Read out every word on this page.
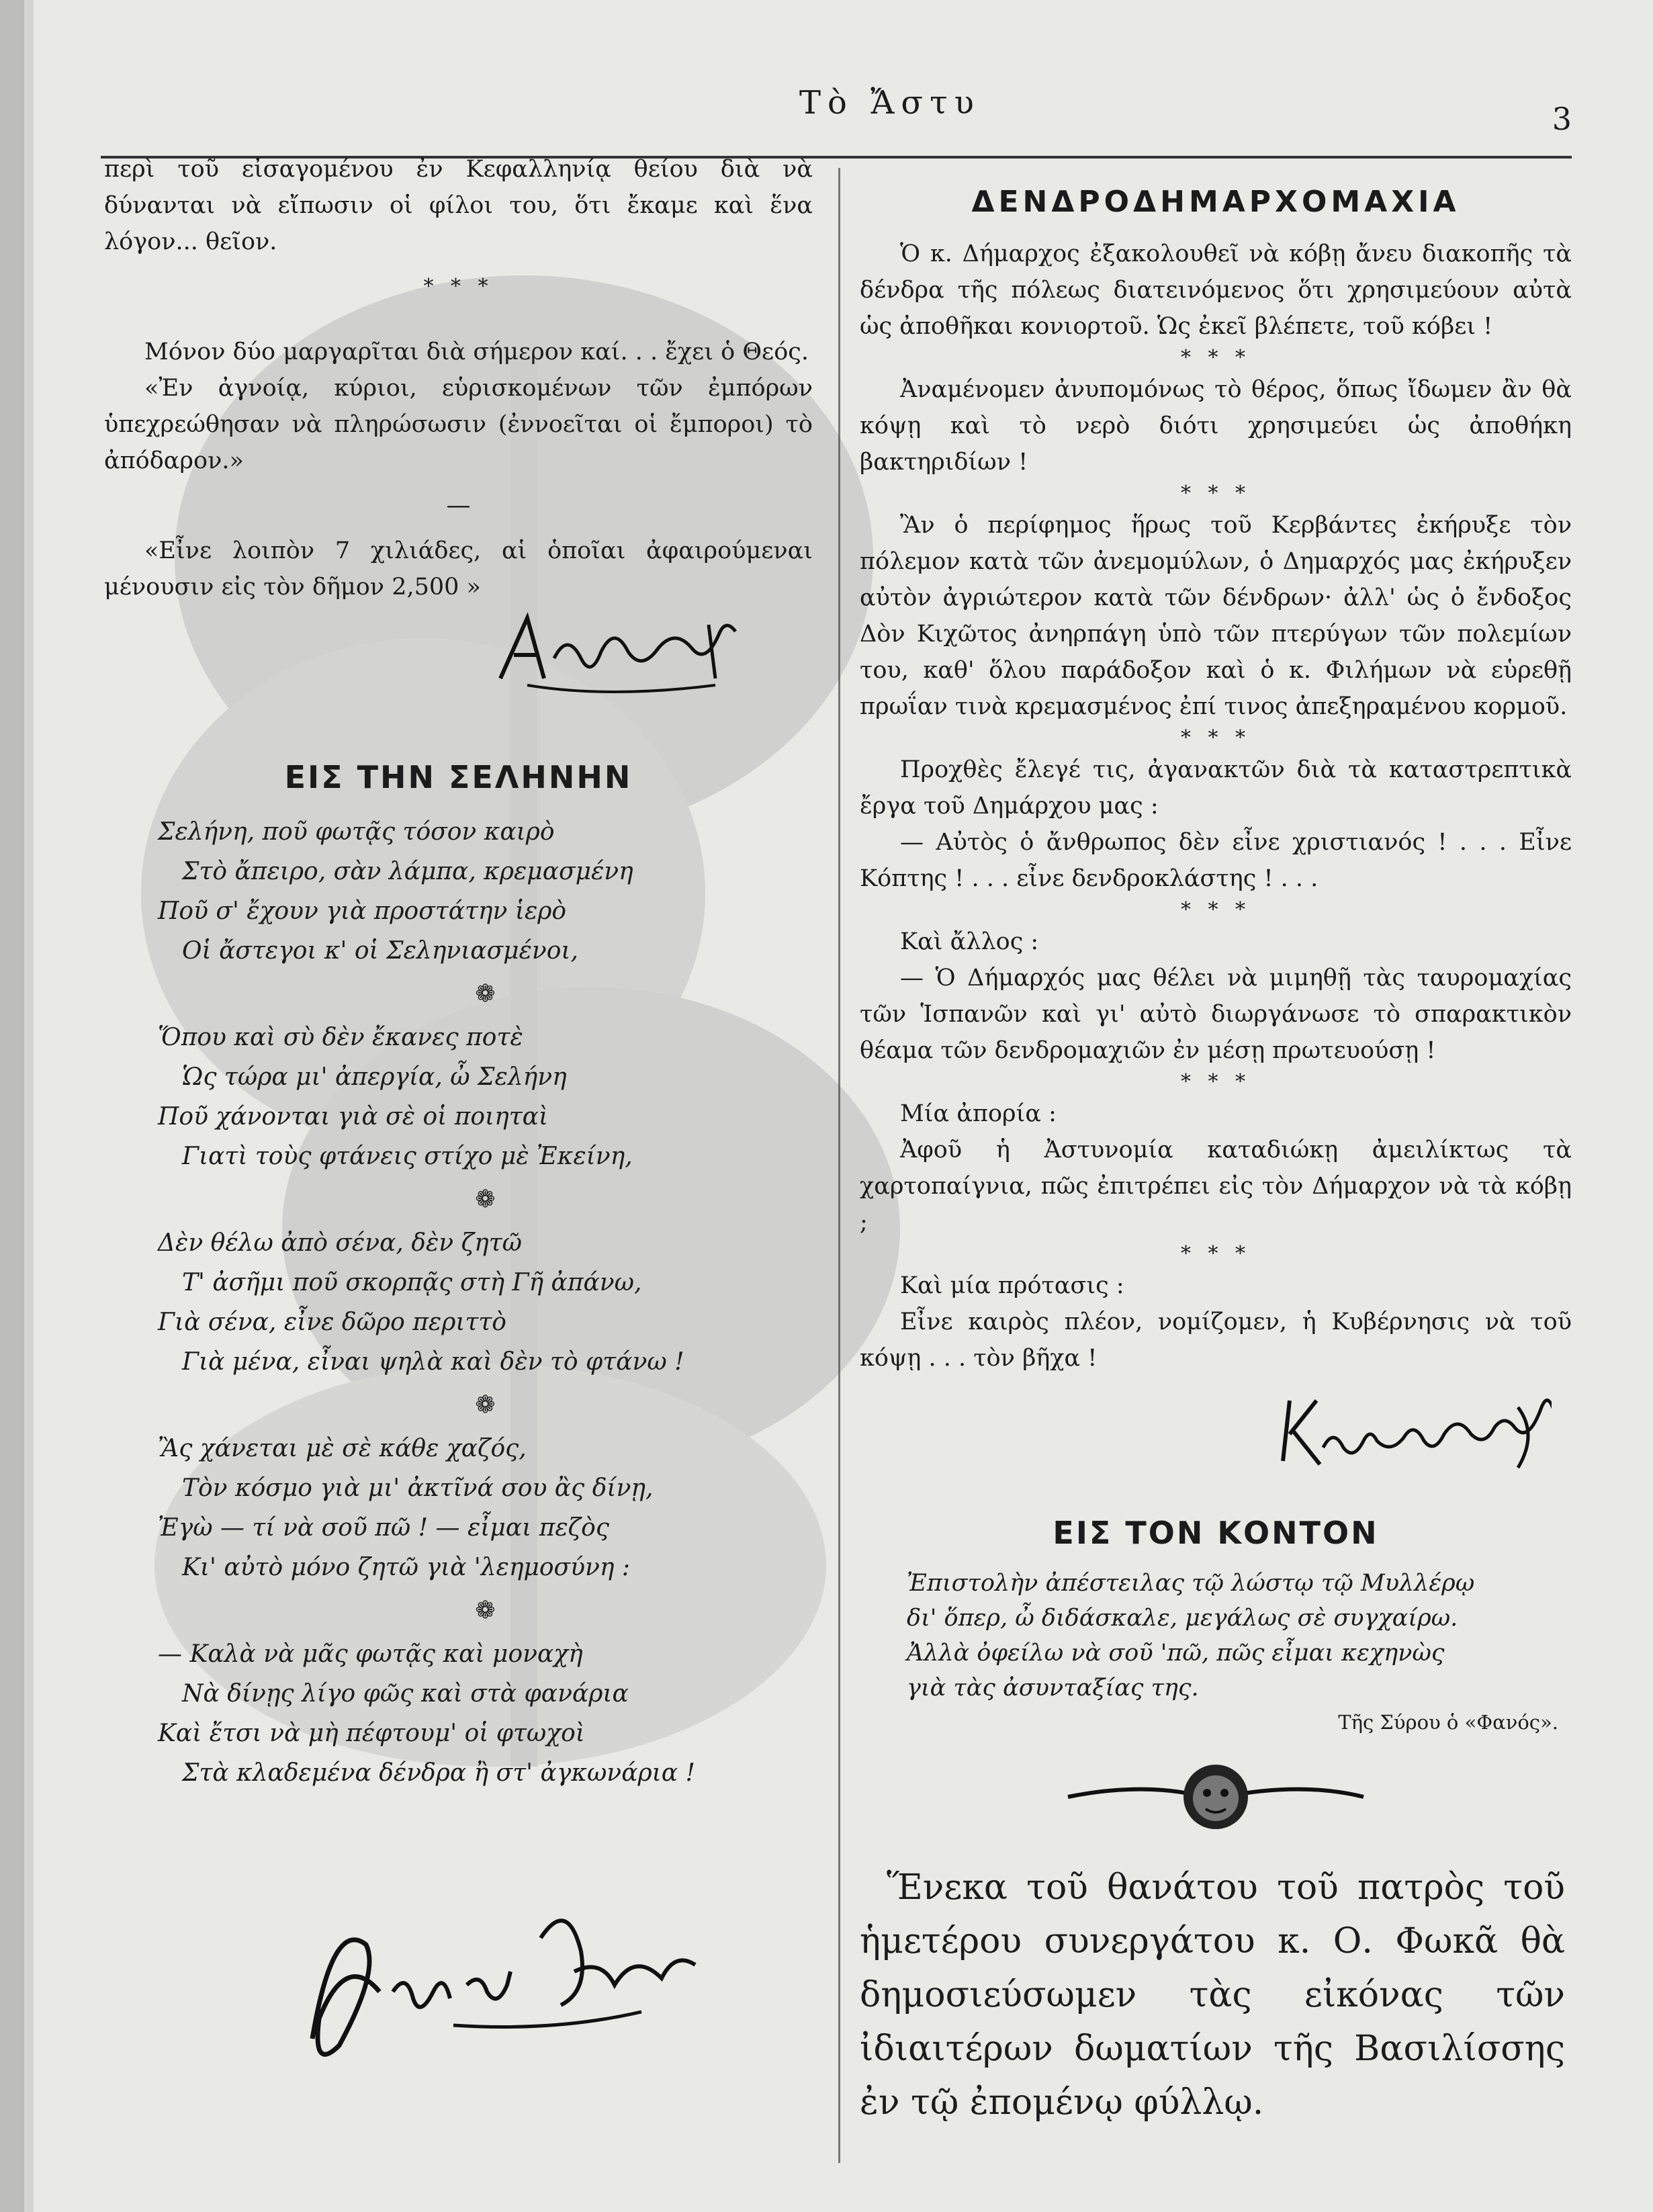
Τὸ Ἄστυ	3

περὶ τοῦ εἰσαγομένου ἐν Κεφαλληνίᾳ θείου διὰ νὰ δύνανται νὰ εἴπωσιν οἱ φίλοι του, ὅτι ἔκαμε καὶ ἕνα λόγον... θεῖον.

* * *

Μόνον δύο μαργαρῖται διὰ σήμερον καί. . . ἔχει ὁ Θεός.

«Ἐν ἀγνοίᾳ, κύριοι, εὑρισκομένων τῶν ἐμπόρων ὑπεχρεώθησαν νὰ πληρώσωσιν (ἐννοεῖται οἱ ἔμποροι) τὸ ἀπόδαρον.»

—

«Εἶνε λοιπὸν 7 χιλιάδες, αἱ ὁποῖαι ἀφαιρούμεναι μένουσιν εἰς τὸν δῆμον 2,500 »

ΕΙΣ ΤΗΝ ΣΕΛΗΝΗΝ
Σελήνη, ποῦ φωτᾷς τόσον καιρὸ
Στὸ ἄπειρο, σὰν λάμπα, κρεμασμένη
Ποῦ σ' ἔχουν γιὰ προστάτην ἱερὸ
Οἱ ἄστεγοι κ' οἱ Σεληνιασμένοι,
❁
Ὅπου καὶ σὺ δὲν ἔκανες ποτὲ
Ὡς τώρα μι' ἀπεργία, ὦ Σελήνη
Ποῦ χάνονται γιὰ σὲ οἱ ποιηταὶ
Γιατὶ τοὺς φτάνεις στίχο μὲ Ἐκείνη,
❁
Δὲν θέλω ἀπὸ σένα, δὲν ζητῶ
Τ' ἀσῆμι ποῦ σκορπᾷς στὴ Γῆ ἀπάνω,
Γιὰ σένα, εἶνε δῶρο περιττὸ
Γιὰ μένα, εἶναι ψηλὰ καὶ δὲν τὸ φτάνω !
❁
Ἂς χάνεται μὲ σὲ κάθε χαζός,
Τὸν κόσμο γιὰ μι' ἀκτῖνά σου ἂς δίνῃ,
Ἐγὼ — τί νὰ σοῦ πῶ ! — εἶμαι πεζὸς
Κι' αὐτὸ μόνο ζητῶ γιὰ 'λεημοσύνη :
❁
— Καλὰ νὰ μᾶς φωτᾷς καὶ μοναχὴ
Νὰ δίνῃς λίγο φῶς καὶ στὰ φανάρια
Καὶ ἔτσι νὰ μὴ πέφτουμ' οἱ φτωχοὶ
Στὰ κλαδεμένα δένδρα ἢ στ' ἀγκωνάρια !
ΔΕΝΔΡΟΔΗΜΑΡΧΟΜΑΧΙΑ

Ὁ κ. Δήμαρχος ἐξακολουθεῖ νὰ κόβῃ ἄνευ διακοπῆς τὰ δένδρα τῆς πόλεως διατεινόμενος ὅτι χρησιμεύουν αὐτὰ ὡς ἀποθῆκαι κονιορτοῦ. Ὡς ἐκεῖ βλέπετε, τοῦ κόβει !

* * *

Ἀναμένομεν ἀνυπομόνως τὸ θέρος, ὅπως ἴδωμεν ἂν θὰ κόψῃ καὶ τὸ νερὸ διότι χρησιμεύει ὡς ἀποθήκη βακτηριδίων !

* * *

Ἂν ὁ περίφημος ἥρως τοῦ Κερβάντες ἐκήρυξε τὸν πόλεμον κατὰ τῶν ἀνεμομύλων, ὁ Δημαρχός μας ἐκήρυξεν αὐτὸν ἀγριώτερον κατὰ τῶν δένδρων· ἀλλ' ὡς ὁ ἔνδοξος Δὸν Κιχῶτος ἀνηρπάγη ὑπὸ τῶν πτερύγων τῶν πολεμίων του, καθ' ὅλου παράδοξον καὶ ὁ κ. Φιλήμων νὰ εὑρεθῇ πρωΐαν τινὰ κρεμασμένος ἐπί τινος ἀπεξηραμένου κορμοῦ.

* * *

Προχθὲς ἔλεγέ τις, ἀγανακτῶν διὰ τὰ καταστρεπτικὰ ἔργα τοῦ Δημάρχου μας :

— Αὐτὸς ὁ ἄνθρωπος δὲν εἶνε χριστιανός ! . . . Εἶνε Κόπτης ! . . . εἶνε δενδροκλάστης ! . . .

* * *

Καὶ ἄλλος :

— Ὁ Δήμαρχός μας θέλει νὰ μιμηθῇ τὰς ταυρομαχίας τῶν Ἱσπανῶν καὶ γι' αὐτὸ διωργάνωσε τὸ σπαρακτικὸν θέαμα τῶν δενδρομαχιῶν ἐν μέσῃ πρωτευούσῃ !

* * *

Μία ἀπορία :

Ἀφοῦ ἡ Ἀστυνομία καταδιώκῃ ἀμειλίκτως τὰ χαρτοπαίγνια, πῶς ἐπιτρέπει εἰς τὸν Δήμαρχον νὰ τὰ κόβῃ ;

* * *

Καὶ μία πρότασις :

Εἶνε καιρὸς πλέον, νομίζομεν, ἡ Κυβέρνησις νὰ τοῦ κόψῃ . . . τὸν βῆχα !

ΕΙΣ ΤΟΝ ΚΟΝΤΟΝ
Ἐπιστολὴν ἀπέστειλας τῷ λώστῳ τῷ Μυλλέρῳ
δι' ὅπερ, ὦ διδάσκαλε, μεγάλως σὲ συγχαίρω.
Ἀλλὰ ὀφείλω νὰ σοῦ 'πῶ, πῶς εἶμαι κεχηνὼς
γιὰ τὰς ἀσυνταξίας της.
Τῆς Σύρου ὁ «Φανός».

Ἕνεκα τοῦ θανάτου τοῦ πατρὸς τοῦ ἡμετέρου συνεργάτου κ. Ο. Φωκᾶ θὰ δημοσιεύσωμεν τὰς εἰκόνας τῶν ἰδιαιτέρων δωματίων τῆς Βασιλίσσης ἐν τῷ ἐπομένῳ φύλλῳ.
